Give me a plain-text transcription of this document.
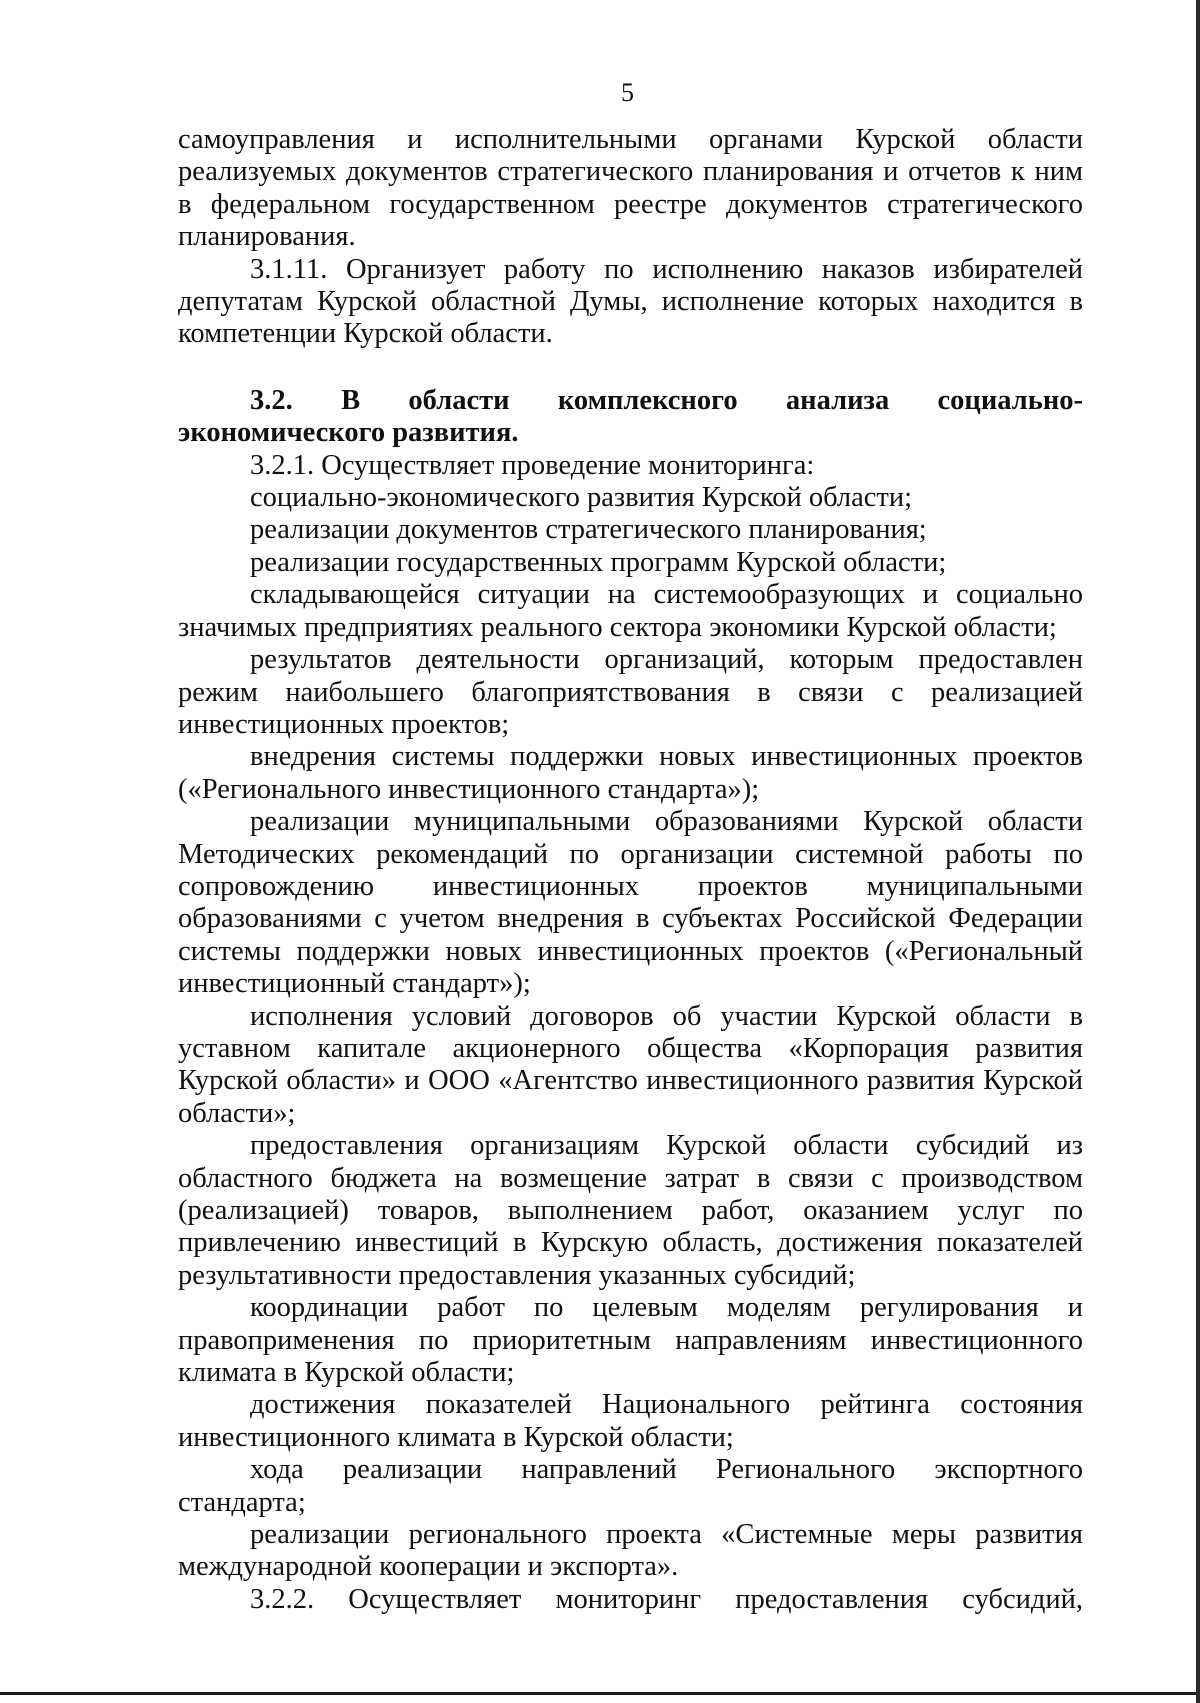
5

самоуправления и исполнительными органами Курской области реализуемых документов стратегического планирования и отчетов к ним в федеральном государственном реестре документов стратегического планирования.

3.1.11. Организует работу по исполнению наказов избирателей депутатам Курской областной Думы, исполнение которых находится в компетенции Курской области.

3.2. В области комплексного анализа социально-экономического развития.

3.2.1. Осуществляет проведение мониторинга:

социально-экономического развития Курской области;

реализации документов стратегического планирования;

реализации государственных программ Курской области;

складывающейся ситуации на системообразующих и социально значимых предприятиях реального сектора экономики Курской области;

результатов деятельности организаций, которым предоставлен режим наибольшего благоприятствования в связи с реализацией инвестиционных проектов;

внедрения системы поддержки новых инвестиционных проектов («Регионального инвестиционного стандарта»);

реализации муниципальными образованиями Курской области Методических рекомендаций по организации системной работы по сопровождению инвестиционных проектов муниципальными образованиями с учетом внедрения в субъектах Российской Федерации системы поддержки новых инвестиционных проектов («Региональный инвестиционный стандарт»);

исполнения условий договоров об участии Курской области в уставном капитале акционерного общества «Корпорация развития Курской области» и ООО «Агентство инвестиционного развития Курской области»;

предоставления организациям Курской области субсидий из областного бюджета на возмещение затрат в связи с производством (реализацией) товаров, выполнением работ, оказанием услуг по привлечению инвестиций в Курскую область, достижения показателей результативности предоставления указанных субсидий;

координации работ по целевым моделям регулирования и правоприменения по приоритетным направлениям инвестиционного климата в Курской области;

достижения показателей Национального рейтинга состояния инвестиционного климата в Курской области;

хода реализации направлений Регионального экспортного стандарта;

реализации регионального проекта «Системные меры развития международной кооперации и экспорта».

3.2.2. Осуществляет мониторинг предоставления субсидий,
